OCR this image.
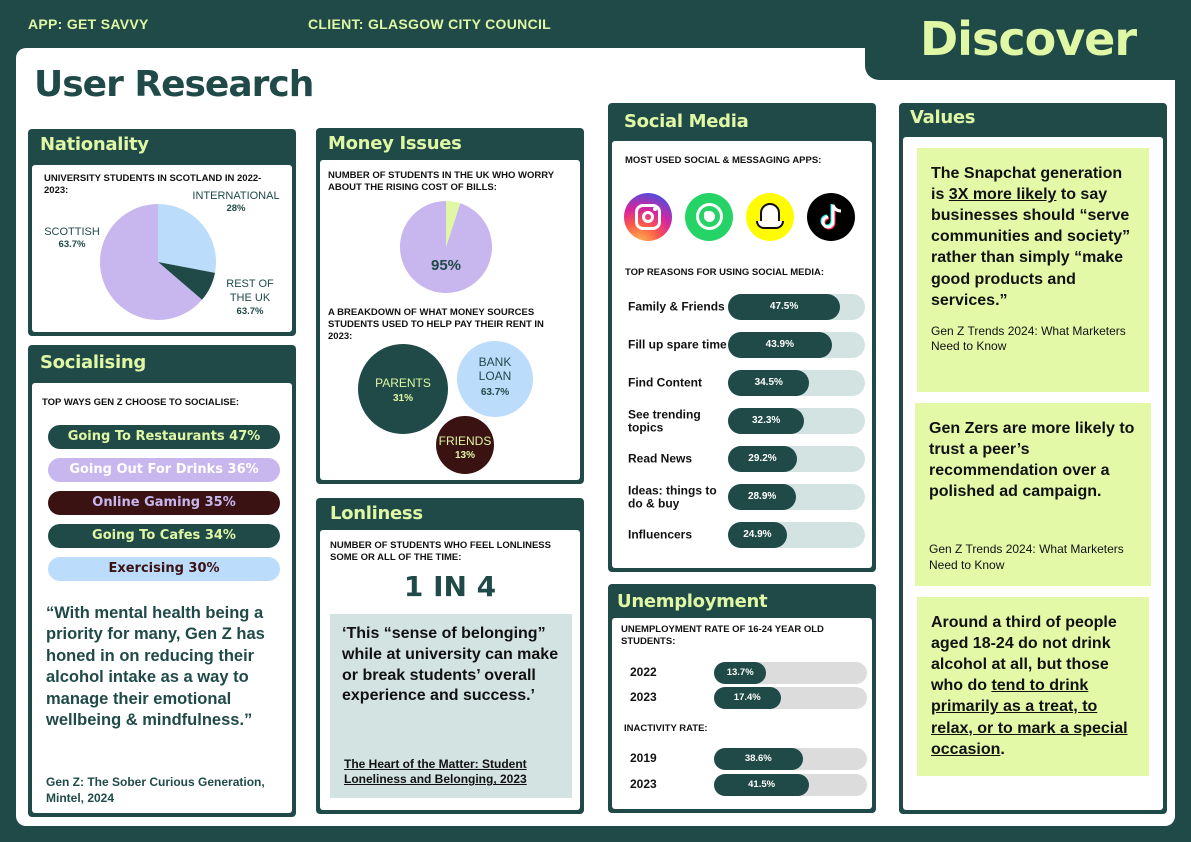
APP: GET SAVVY	CLIENT: GLASGOW CITY COUNCIL	Discover
User Research
Nationality
UNIVERSITY STUDENTS IN SCOTLAND IN 2022-2023:
SCOTTISH
63.7%
INTERNATIONAL
28%
REST OF THE UK
63.7%
Socialising
TOP WAYS GEN Z CHOOSE TO SOCIALISE:
Going To Restaurants 47%
Going Out For Drinks 36%
Online Gaming 35%
Going To Cafes 34%
Exercising 30%
“With mental health being a priority for many, Gen Z has honed in on reducing their alcohol intake as a way to manage their emotional wellbeing & mindfulness.”
Gen Z: The Sober Curious Generation, Mintel, 2024
Money Issues
NUMBER OF STUDENTS IN THE UK WHO WORRY ABOUT THE RISING COST OF BILLS:
95%
A BREAKDOWN OF WHAT MONEY SOURCES STUDENTS USED TO HELP PAY THEIR RENT IN 2023:
PARENTS
31%
BANK LOAN
63.7%
FRIENDS
13%
Lonliness
NUMBER OF STUDENTS WHO FEEL LONLINESS SOME OR ALL OF THE TIME:
1 IN 4
‘This “sense of belonging” while at university can make or break students’ overall experience and success.’
The Heart of the Matter: Student Loneliness and Belonging, 2023
Social Media
MOST USED SOCIAL & MESSAGING APPS:
TOP REASONS FOR USING SOCIAL MEDIA:
Family & Friends	47.5%
Fill up spare time	43.9%
Find Content	34.5%
See trending topics	32.3%
Read News	29.2%
Ideas: things to do & buy	28.9%
Influencers	24.9%
Unemployment
UNEMPLOYMENT RATE OF 16-24 YEAR OLD STUDENTS:
2022	13.7%
2023	17.4%
INACTIVITY RATE:
2019	38.6%
2023	41.5%
Values
The Snapchat generation is 3X more likely to say businesses should “serve communities and society” rather than simply “make good products and services.”
Gen Z Trends 2024: What Marketers Need to Know
Gen Zers are more likely to trust a peer’s recommendation over a polished ad campaign.
Gen Z Trends 2024: What Marketers Need to Know
Around a third of people aged 18-24 do not drink alcohol at all, but those who do tend to drink primarily as a treat, to relax, or to mark a special occasion.
